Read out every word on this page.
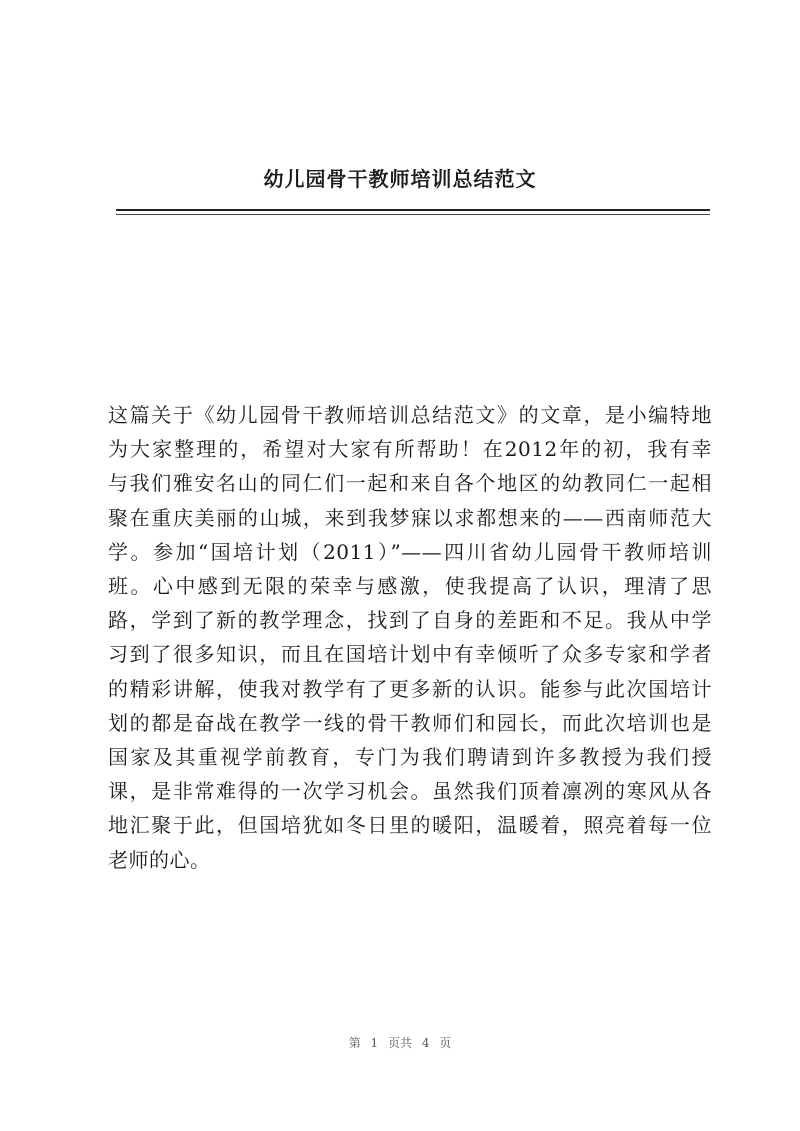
幼儿园骨干教师培训总结范文
这篇关于《幼儿园骨干教师培训总结范文》的文章，是小编特地
为大家整理的，希望对大家有所帮助！在2012年的初，我有幸
与我们雅安名山的同仁们一起和来自各个地区的幼教同仁一起相
聚在重庆美丽的山城，来到我梦寐以求都想来的——西南师范大
学。参加“国培计划（2011）”——四川省幼儿园骨干教师培训
班。心中感到无限的荣幸与感激，使我提高了认识，理清了思
路，学到了新的教学理念，找到了自身的差距和不足。我从中学
习到了很多知识，而且在国培计划中有幸倾听了众多专家和学者
的精彩讲解，使我对教学有了更多新的认识。能参与此次国培计
划的都是奋战在教学一线的骨干教师们和园长，而此次培训也是
国家及其重视学前教育，专门为我们聘请到许多教授为我们授
课，是非常难得的一次学习机会。虽然我们顶着凛冽的寒风从各
地汇聚于此，但国培犹如冬日里的暖阳，温暖着，照亮着每一位
老师的心。
第 1 页共 4 页
